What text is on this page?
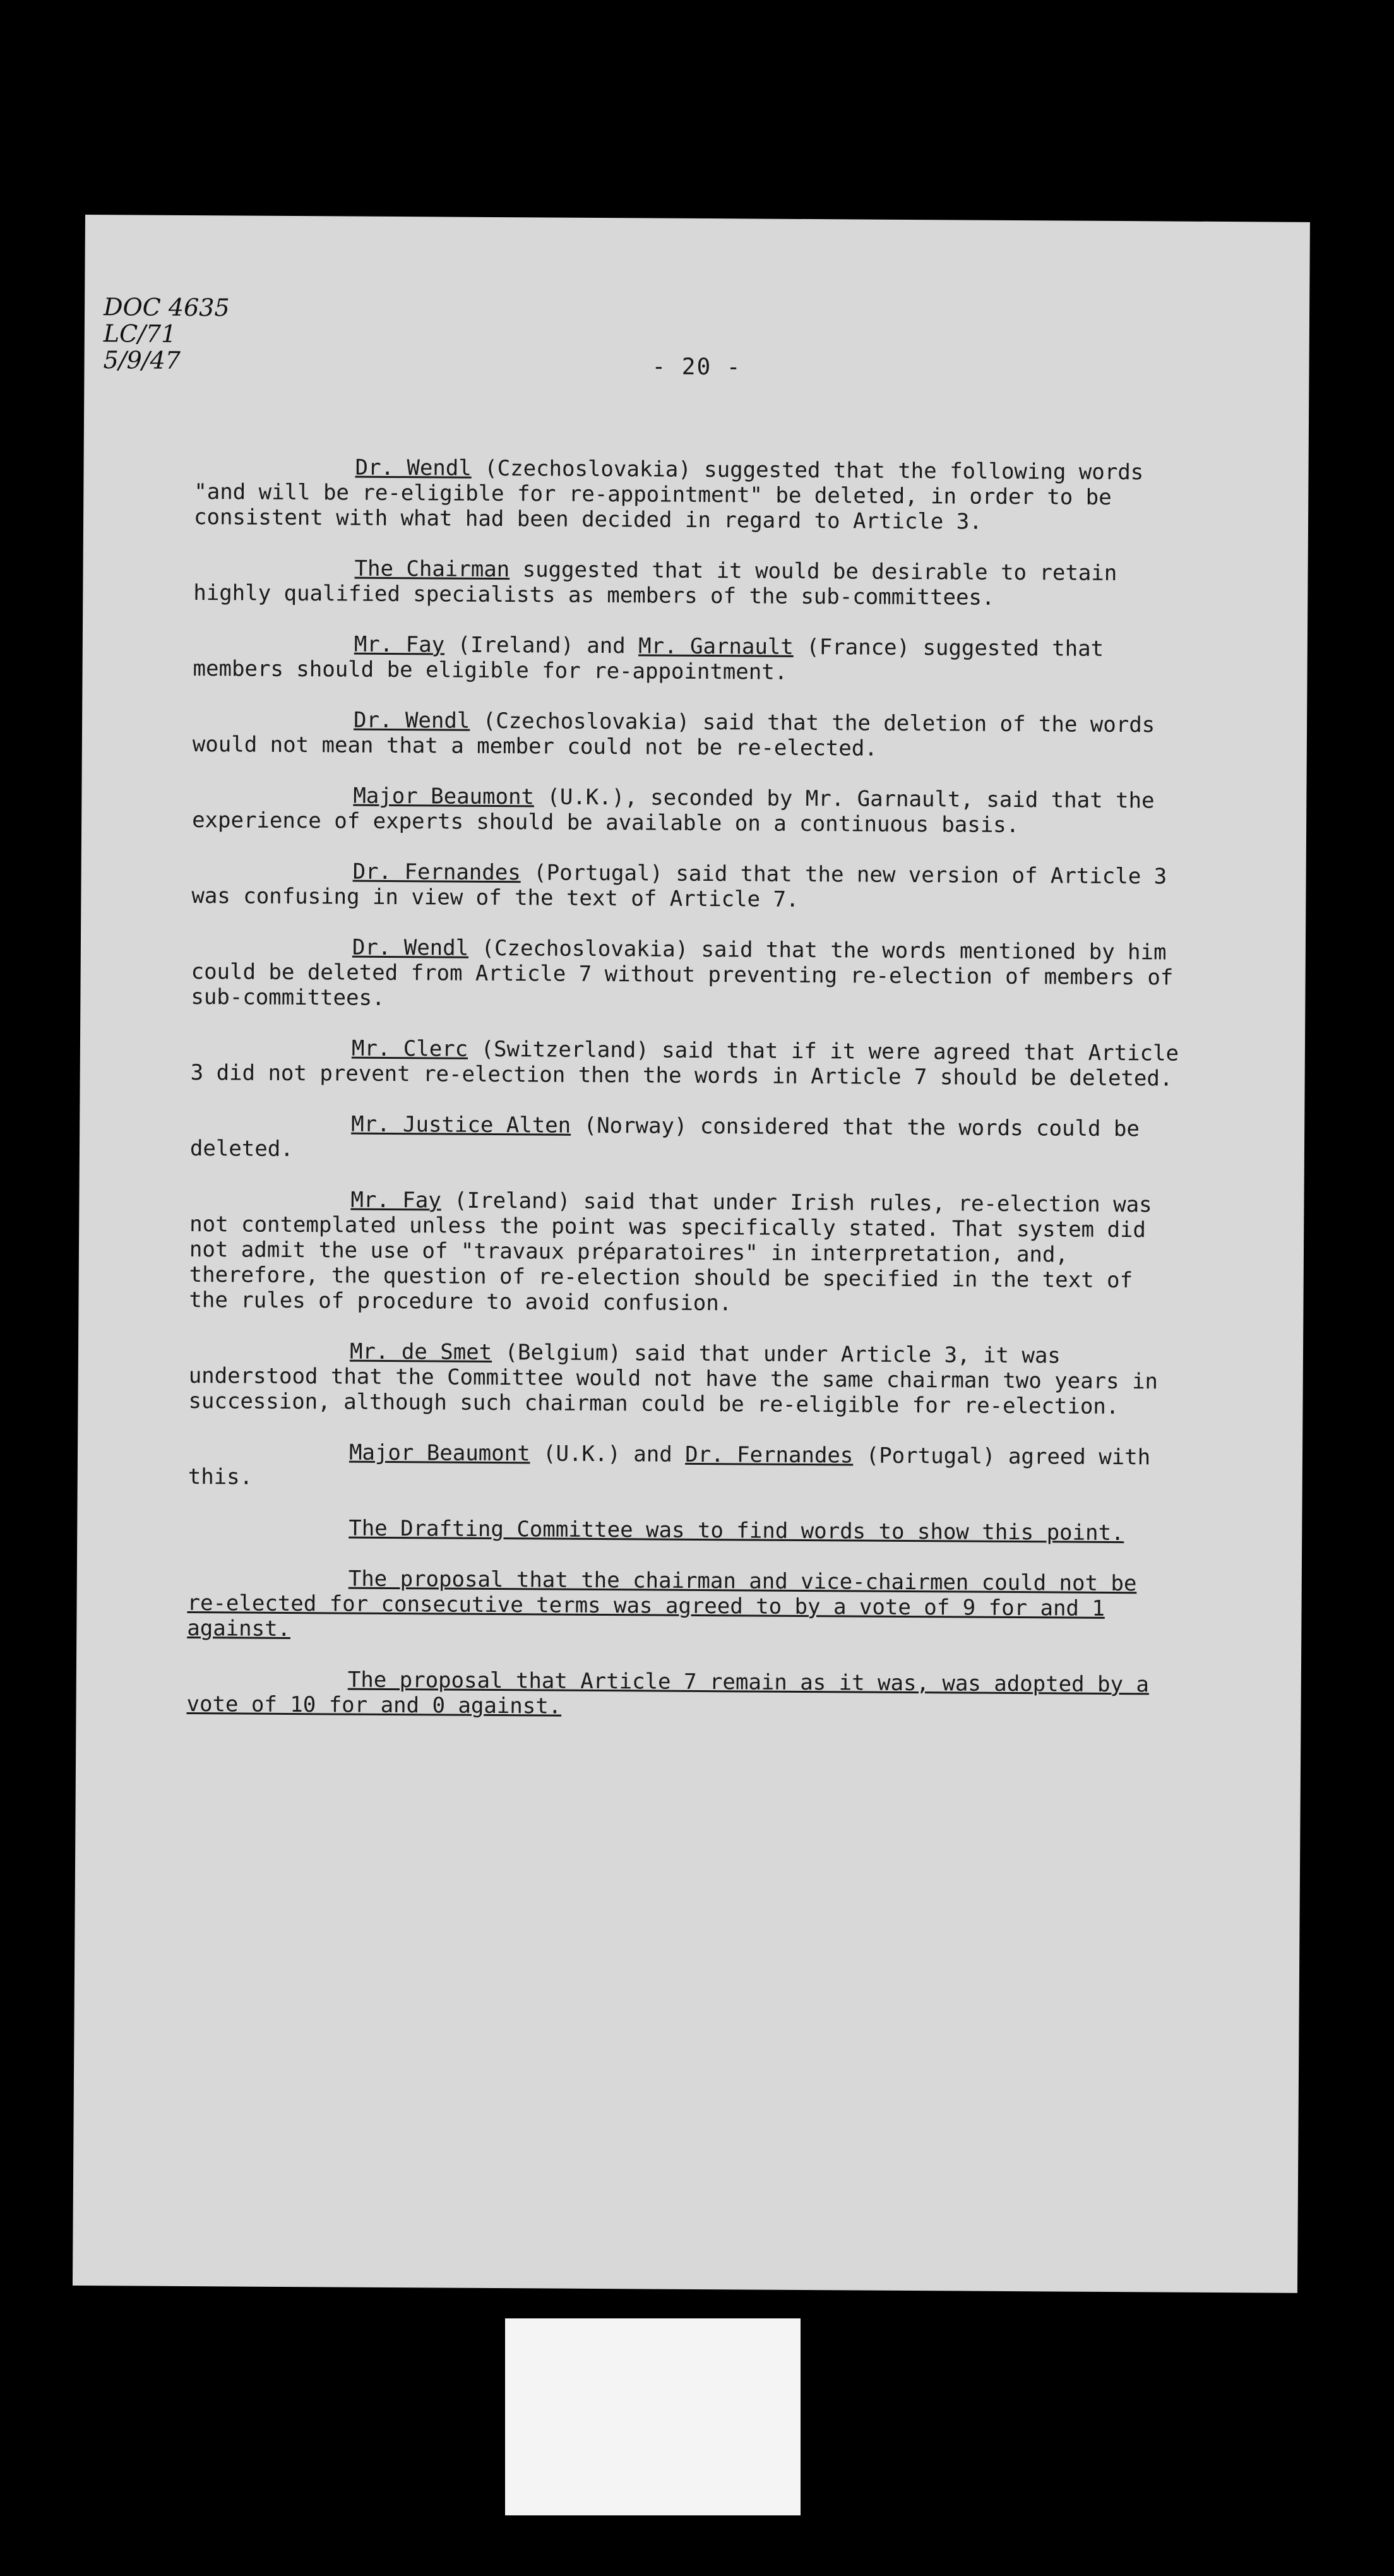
DOC 4635
LC/71
5/9/47	- 20 -

Dr. Wendl (Czechoslovakia) suggested that the following words "and will be re-eligible for re-appointment" be deleted, in order to be consistent with what had been decided in regard to Article 3.

The Chairman suggested that it would be desirable to retain highly qualified specialists as members of the sub-committees.

Mr. Fay (Ireland) and Mr. Garnault (France) suggested that members should be eligible for re-appointment.

Dr. Wendl (Czechoslovakia) said that the deletion of the words would not mean that a member could not be re-elected.

Major Beaumont (U.K.), seconded by Mr. Garnault, said that the experience of experts should be available on a continuous basis.

Dr. Fernandes (Portugal) said that the new version of Article 3 was confusing in view of the text of Article 7.

Dr. Wendl (Czechoslovakia) said that the words mentioned by him could be deleted from Article 7 without preventing re-election of members of sub-committees.

Mr. Clerc (Switzerland) said that if it were agreed that Article 3 did not prevent re-election then the words in Article 7 should be deleted.

Mr. Justice Alten (Norway) considered that the words could be deleted.

Mr. Fay (Ireland) said that under Irish rules, re-election was not contemplated unless the point was specifically stated. That system did not admit the use of "travaux préparatoires" in interpretation, and, therefore, the question of re-election should be specified in the text of the rules of procedure to avoid confusion.

Mr. de Smet (Belgium) said that under Article 3, it was understood that the Committee would not have the same chairman two years in succession, although such chairman could be re-eligible for re-election.

Major Beaumont (U.K.) and Dr. Fernandes (Portugal) agreed with this.

The Drafting Committee was to find words to show this point.

The proposal that the chairman and vice-chairmen could not be re-elected for consecutive terms was agreed to by a vote of 9 for and 1 against.

The proposal that Article 7 remain as it was, was adopted by a vote of 10 for and 0 against.
